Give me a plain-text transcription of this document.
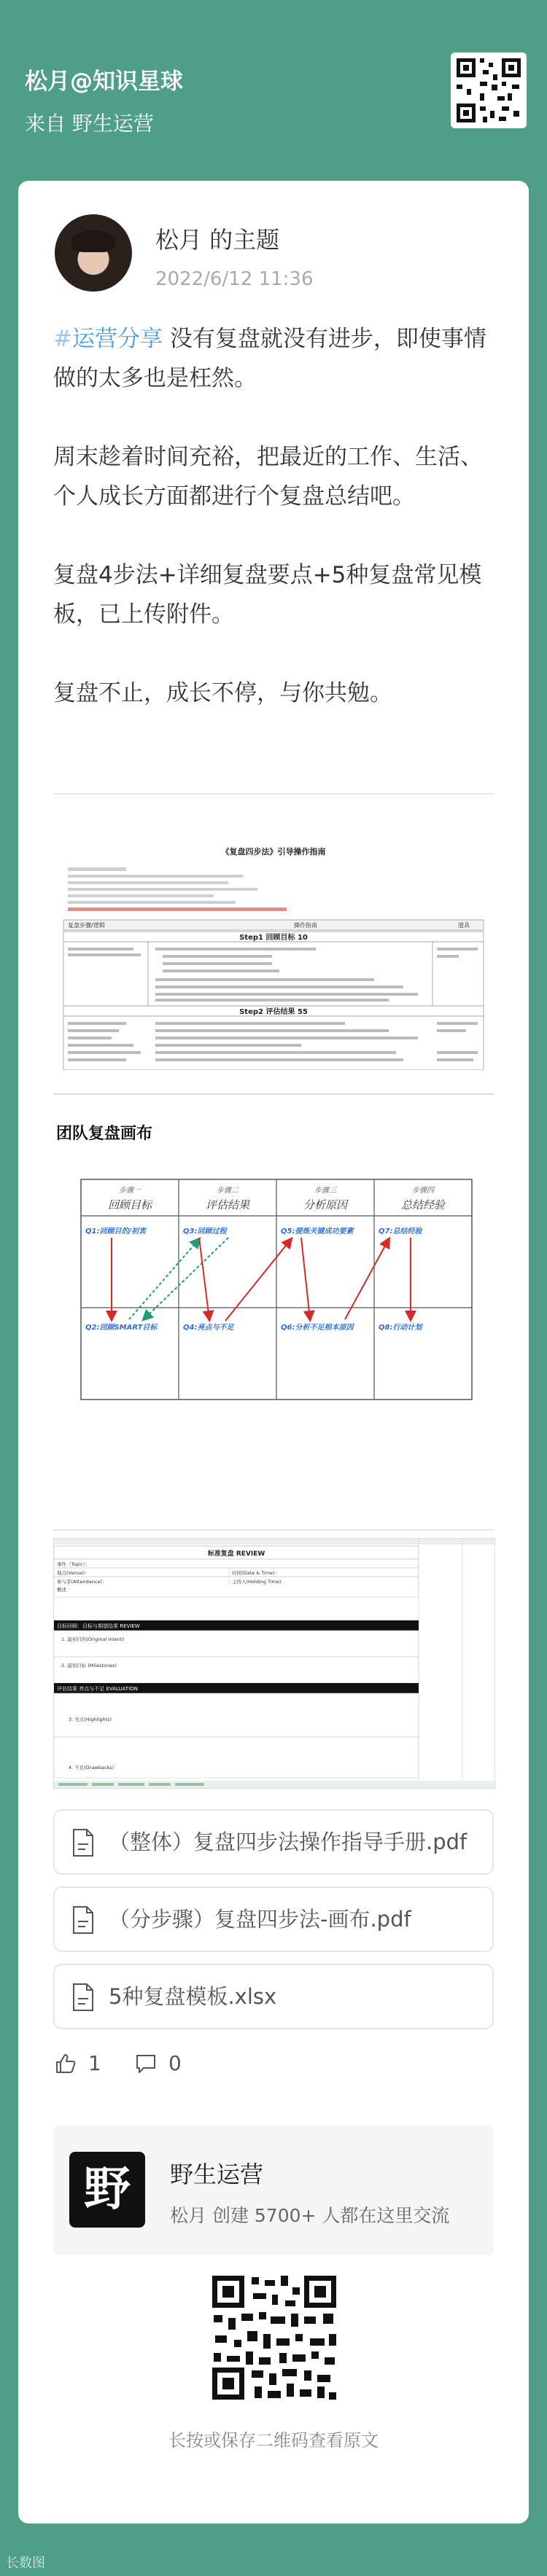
松月@知识星球
来自 野生运营
松月 的主题
2022/6/12 11:36

#运营分享 没有复盘就没有进步，即使事情做的太多也是枉然。

周末趁着时间充裕，把最近的工作、生活、个人成长方面都进行个复盘总结吧。

复盘4步法+详细复盘要点+5种复盘常见模板，已上传附件。

复盘不止，成长不停，与你共勉。

《复盘四步法》引导操作指南
复盘步骤/逻辑	操作指南	道具
Step1 回顾目标 10
Step2 评估结果 55
团队复盘画布
步骤一	步骤二	步骤三	步骤四
回顾目标	评估结果	分析原因	总结经验
Q1:回顾目的/初衷	Q3:回顾过程	Q5:提炼关键成功要素	Q7:总结经验
Q2:回顾SMART目标	Q4:亮点与不足	Q6:分析不足根本原因	Q8:行动计划
标准复盘 REVIEW
事件（Topic）：
地点(Venue)：	时间(Date & Time)：
参与者(Attendance)：	主持人(Holding Time)：
概述
目标回顾：目标与期望结果 REVIEW
1. 最初目的(Original Intent)
2. 最初目标 (Milestones)
评估结果 亮点与不足 EVALUATION
3. 亮点(Highlights)
4. 不足(Drawbacks)
（整体）复盘四步法操作指导手册.pdf
（分步骤）复盘四步法-画布.pdf
5种复盘模板.xlsx
1	0
野	野生运营
松月 创建 5700+ 人都在这里交流
长按或保存二维码查看原文
长数图
